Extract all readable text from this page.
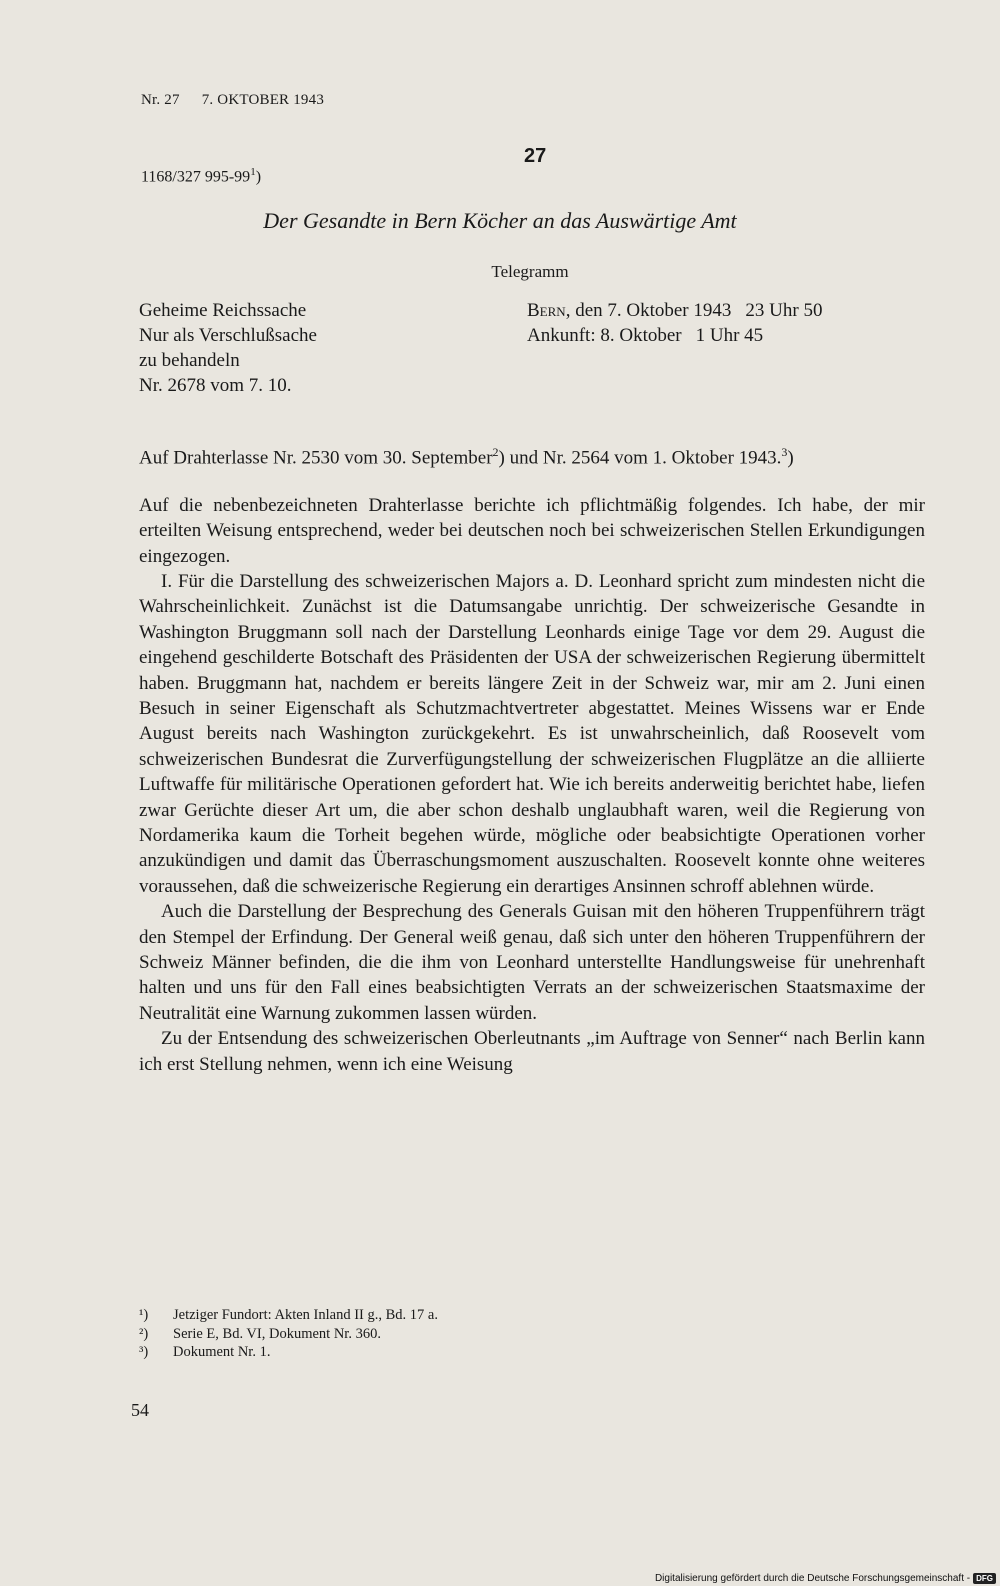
Nr. 27 7. OKTOBER 1943
27
1168/327 $995-99^1$)
Der Gesandte in Bern Köcher an das Auswärtige Amt
Telegramm
Geheime Reichssache
Nur als Verschlußsache
zu behandeln
Nr. 2678 vom 7. 10.
Bern, den 7. Oktober 1943 23 Uhr 50
Ankunft: 8. Oktober 1 Uhr 45

Auf Drahterlasse Nr. 2530 vom 30. September$^2$) und Nr. 2564 vom 1. Oktober 1943.$^3$)

Auf die nebenbezeichneten Drahterlasse berichte ich pflichtmäßig folgendes. Ich habe, der mir erteilten Weisung entsprechend, weder bei deutschen noch bei schweizerischen Stellen Erkundigungen eingezogen.

I. Für die Darstellung des schweizerischen Majors a. D. Leonhard spricht zum mindesten nicht die Wahrscheinlichkeit. Zunächst ist die Datumsangabe unrichtig. Der schweizerische Gesandte in Washington Bruggmann soll nach der Darstellung Leonhards einige Tage vor dem 29. August die eingehend geschilderte Botschaft des Präsidenten der USA der schweizerischen Regierung übermittelt haben. Bruggmann hat, nachdem er bereits längere Zeit in der Schweiz war, mir am 2. Juni einen Besuch in seiner Eigenschaft als Schutzmachtvertreter abgestattet. Meines Wissens war er Ende August bereits nach Washington zurückgekehrt. Es ist unwahrscheinlich, daß Roosevelt vom schweizerischen Bundesrat die Zurverfügungstellung der schweizerischen Flugplätze an die alliierte Luftwaffe für militärische Operationen gefordert hat. Wie ich bereits anderweitig berichtet habe, liefen zwar Gerüchte dieser Art um, die aber schon deshalb unglaubhaft waren, weil die Regierung von Nordamerika kaum die Torheit begehen würde, mögliche oder beabsichtigte Operationen vorher anzukündigen und damit das Überraschungsmoment auszuschalten. Roosevelt konnte ohne weiteres voraussehen, daß die schweizerische Regierung ein derartiges Ansinnen schroff ablehnen würde.

Auch die Darstellung der Besprechung des Generals Guisan mit den höheren Truppenführern trägt den Stempel der Erfindung. Der General weiß genau, daß sich unter den höheren Truppenführern der Schweiz Männer befinden, die die ihm von Leonhard unterstellte Handlungsweise für unehrenhaft halten und uns für den Fall eines beabsichtigten Verrats an der schweizerischen Staatsmaxime der Neutralität eine Warnung zukommen lassen würden.

Zu der Entsendung des schweizerischen Oberleutnants „im Auftrage von Senner“ nach Berlin kann ich erst Stellung nehmen, wenn ich eine Weisung

¹) Jetziger Fundort: Akten Inland II g., Bd. 17 a.
²) Serie E, Bd. VI, Dokument Nr. 360.
³) Dokument Nr. 1.
54
Digitalisierung gefördert durch die Deutsche Forschungsgemeinschaft - DFG
